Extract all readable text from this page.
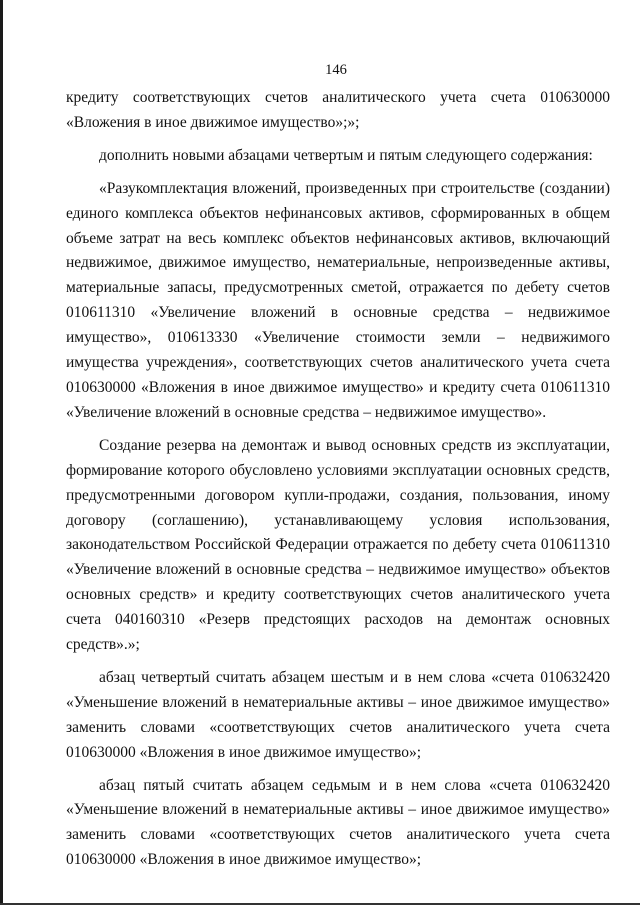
146

кредиту соответствующих счетов аналитического учета счета 010630000 «Вложения в иное движимое имущество»;»;

дополнить новыми абзацами четвертым и пятым следующего содержания:

«Разукомплектация вложений, произведенных при строительстве (создании) единого комплекса объектов нефинансовых активов, сформированных в общем объеме затрат на весь комплекс объектов нефинансовых активов, включающий недвижимое, движимое имущество, нематериальные, непроизведенные активы, материальные запасы, предусмотренных сметой, отражается по дебету счетов 010611310 «Увеличение вложений в основные средства – недвижимое имущество», 010613330 «Увеличение стоимости земли – недвижимого имущества учреждения», соответствующих счетов аналитического учета счета 010630000 «Вложения в иное движимое имущество» и кредиту счета 010611310 «Увеличение вложений в основные средства – недвижимое имущество».

Создание резерва на демонтаж и вывод основных средств из эксплуатации, формирование которого обусловлено условиями эксплуатации основных средств, предусмотренными договором купли-продажи, создания, пользования, иному договору (соглашению), устанавливающему условия использования, законодательством Российской Федерации отражается по дебету счета 010611310 «Увеличение вложений в основные средства – недвижимое имущество» объектов основных средств» и кредиту соответствующих счетов аналитического учета счета 040160310 «Резерв предстоящих расходов на демонтаж основных средств».»;

абзац четвертый считать абзацем шестым и в нем слова «счета 010632420 «Уменьшение вложений в нематериальные активы – иное движимое имущество» заменить словами «соответствующих счетов аналитического учета счета 010630000 «Вложения в иное движимое имущество»;

абзац пятый считать абзацем седьмым и в нем слова «счета 010632420 «Уменьшение вложений в нематериальные активы – иное движимое имущество» заменить словами «соответствующих счетов аналитического учета счета 010630000 «Вложения в иное движимое имущество»;
